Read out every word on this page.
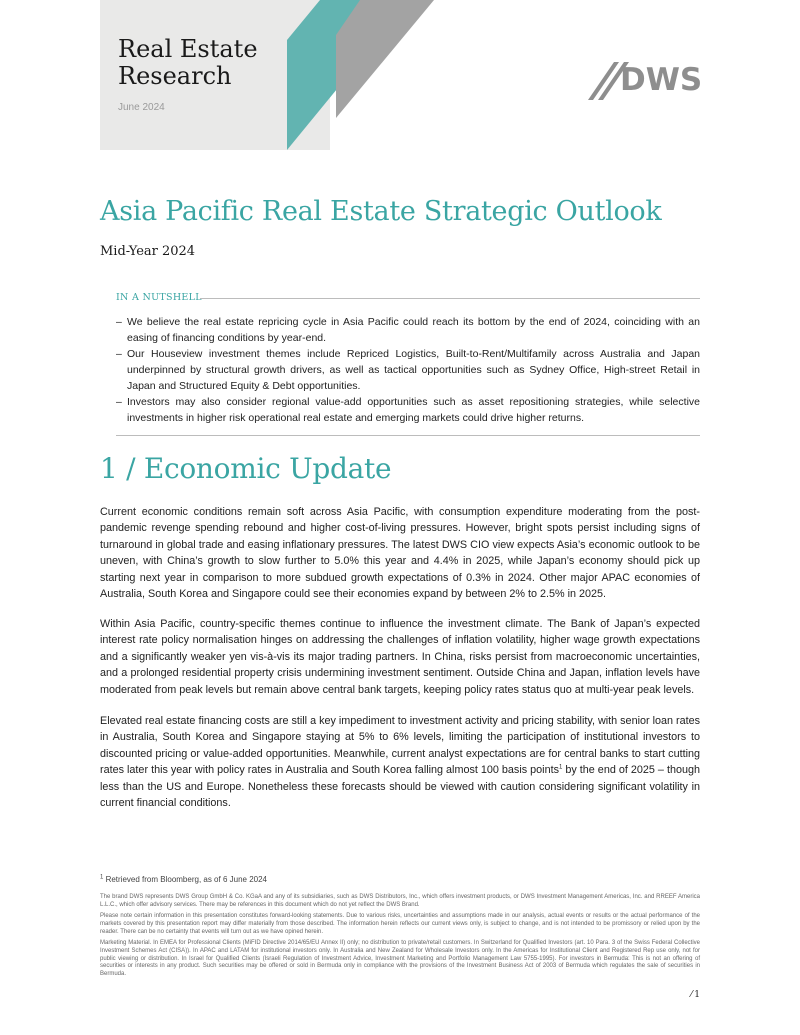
Real Estate
Research
June 2024
DWS
Asia Pacific Real Estate Strategic Outlook
Mid-Year 2024
IN A NUTSHELL
– We believe the real estate repricing cycle in Asia Pacific could reach its bottom by the end of 2024, coinciding with an easing of financing conditions by year-end.
– Our Houseview investment themes include Repriced Logistics, Built-to-Rent/Multifamily across Australia and Japan underpinned by structural growth drivers, as well as tactical opportunities such as Sydney Office, High-street Retail in Japan and Structured Equity & Debt opportunities.
– Investors may also consider regional value-add opportunities such as asset repositioning strategies, while selective investments in higher risk operational real estate and emerging markets could drive higher returns.
1 / Economic Update

Current economic conditions remain soft across Asia Pacific, with consumption expenditure moderating from the post-pandemic revenge spending rebound and higher cost-of-living pressures. However, bright spots persist including signs of turnaround in global trade and easing inflationary pressures. The latest DWS CIO view expects Asia’s economic outlook to be uneven, with China’s growth to slow further to 5.0% this year and 4.4% in 2025, while Japan’s economy should pick up starting next year in comparison to more subdued growth expectations of 0.3% in 2024. Other major APAC economies of Australia, South Korea and Singapore could see their economies expand by between 2% to 2.5% in 2025.

Within Asia Pacific, country-specific themes continue to influence the investment climate. The Bank of Japan’s expected interest rate policy normalisation hinges on addressing the challenges of inflation volatility, higher wage growth expectations and a significantly weaker yen vis-à-vis its major trading partners. In China, risks persist from macroeconomic uncertainties, and a prolonged residential property crisis undermining investment sentiment. Outside China and Japan, inflation levels have moderated from peak levels but remain above central bank targets, keeping policy rates status quo at multi-year peak levels.

Elevated real estate financing costs are still a key impediment to investment activity and pricing stability, with senior loan rates in Australia, South Korea and Singapore staying at 5% to 6% levels, limiting the participation of institutional investors to discounted pricing or value-added opportunities. Meanwhile, current analyst expectations are for central banks to start cutting rates later this year with policy rates in Australia and South Korea falling almost 100 basis points$^1$ by the end of 2025 – though less than the US and Europe. Nonetheless these forecasts should be viewed with caution considering significant volatility in current financial conditions.

$^1$ Retrieved from Bloomberg, as of 6 June 2024

The brand DWS represents DWS Group GmbH & Co. KGaA and any of its subsidiaries, such as DWS Distributors, Inc., which offers investment products, or DWS Investment Management Americas, Inc. and RREEF America L.L.C., which offer advisory services. There may be references in this document which do not yet reflect the DWS Brand.

Please note certain information in this presentation constitutes forward-looking statements. Due to various risks, uncertainties and assumptions made in our analysis, actual events or results or the actual performance of the markets covered by this presentation report may differ materially from those described. The information herein reflects our current views only, is subject to change, and is not intended to be promissory or relied upon by the reader. There can be no certainty that events will turn out as we have opined herein.

Marketing Material. In EMEA for Professional Clients (MiFID Directive 2014/65/EU Annex II) only; no distribution to private/retail customers. In Switzerland for Qualified Investors (art. 10 Para. 3 of the Swiss Federal Collective Investment Schemes Act (CISA)). In APAC and LATAM for institutional investors only. In Australia and New Zealand for Wholesale Investors only. In the Americas for Institutional Client and Registered Rep use only, not for public viewing or distribution. In Israel for Qualified Clients (Israeli Regulation of Investment Advice, Investment Marketing and Portfolio Management Law 5755-1995). For investors in Bermuda: This is not an offering of securities or interests in any product. Such securities may be offered or sold in Bermuda only in compliance with the provisions of the Investment Business Act of 2003 of Bermuda which regulates the sale of securities in Bermuda.

⁄ 1
